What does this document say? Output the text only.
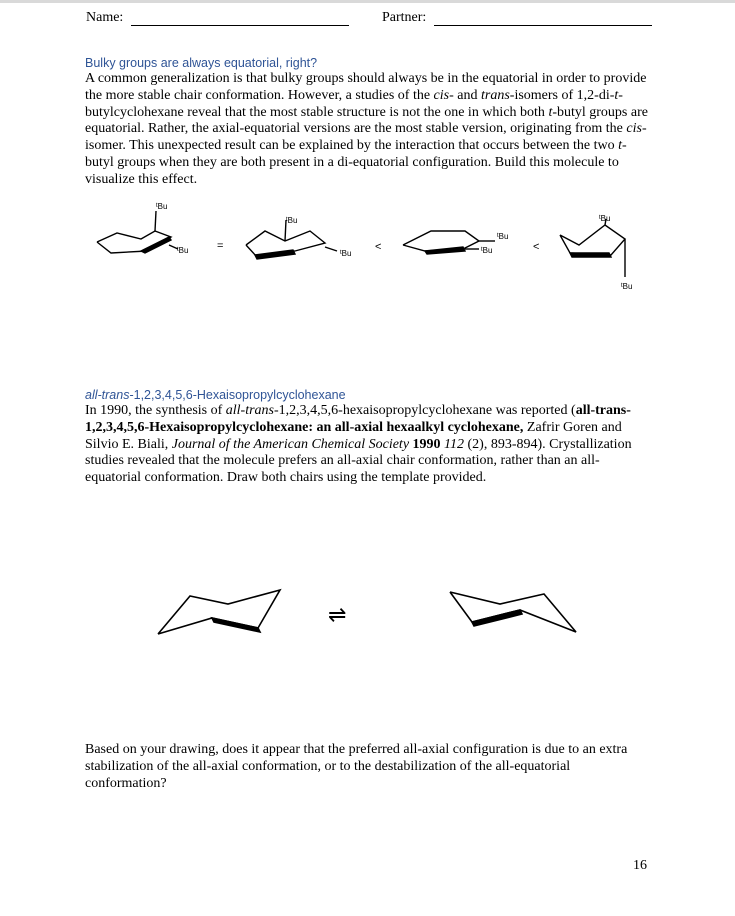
Name:	Partner:
Bulky groups are always equatorial, right?

A common generalization is that bulky groups should always be in the equatorial in order to provide the more stable chair conformation. However, a studies of the cis- and trans-isomers of 1,2-di-t-butylcyclohexane reveal that the most stable structure is not the one in which both t-butyl groups are equatorial. Rather, the axial-equatorial versions are the most stable version, originating from the cis-isomer. This unexpected result can be explained by the interaction that occurs between the two t-butyl groups when they are both present in a di-equatorial configuration. Build this molecule to visualize this effect.

$^t$Bu
$^t$Bu	=
$^t$Bu
$^t$Bu
<
$^t$Bu
$^t$Bu	<
$^t$Bu
$^t$Bu
all-trans-1,2,3,4,5,6-Hexaisopropylcyclohexane

In 1990, the synthesis of all-trans-1,2,3,4,5,6-hexaisopropylcyclohexane was reported (all-trans-1,2,3,4,5,6-Hexaisopropylcyclohexane: an all-axial hexaalkyl cyclohexane, Zafrir Goren and Silvio E. Biali, Journal of the American Chemical Society 1990 112 (2), 893-894). Crystallization studies revealed that the molecule prefers an all-axial chair conformation, rather than an all-equatorial conformation. Draw both chairs using the template provided.

⇌

Based on your drawing, does it appear that the preferred all-axial configuration is due to an extra stabilization of the all-axial conformation, or to the destabilization of the all-equatorial conformation?

16
